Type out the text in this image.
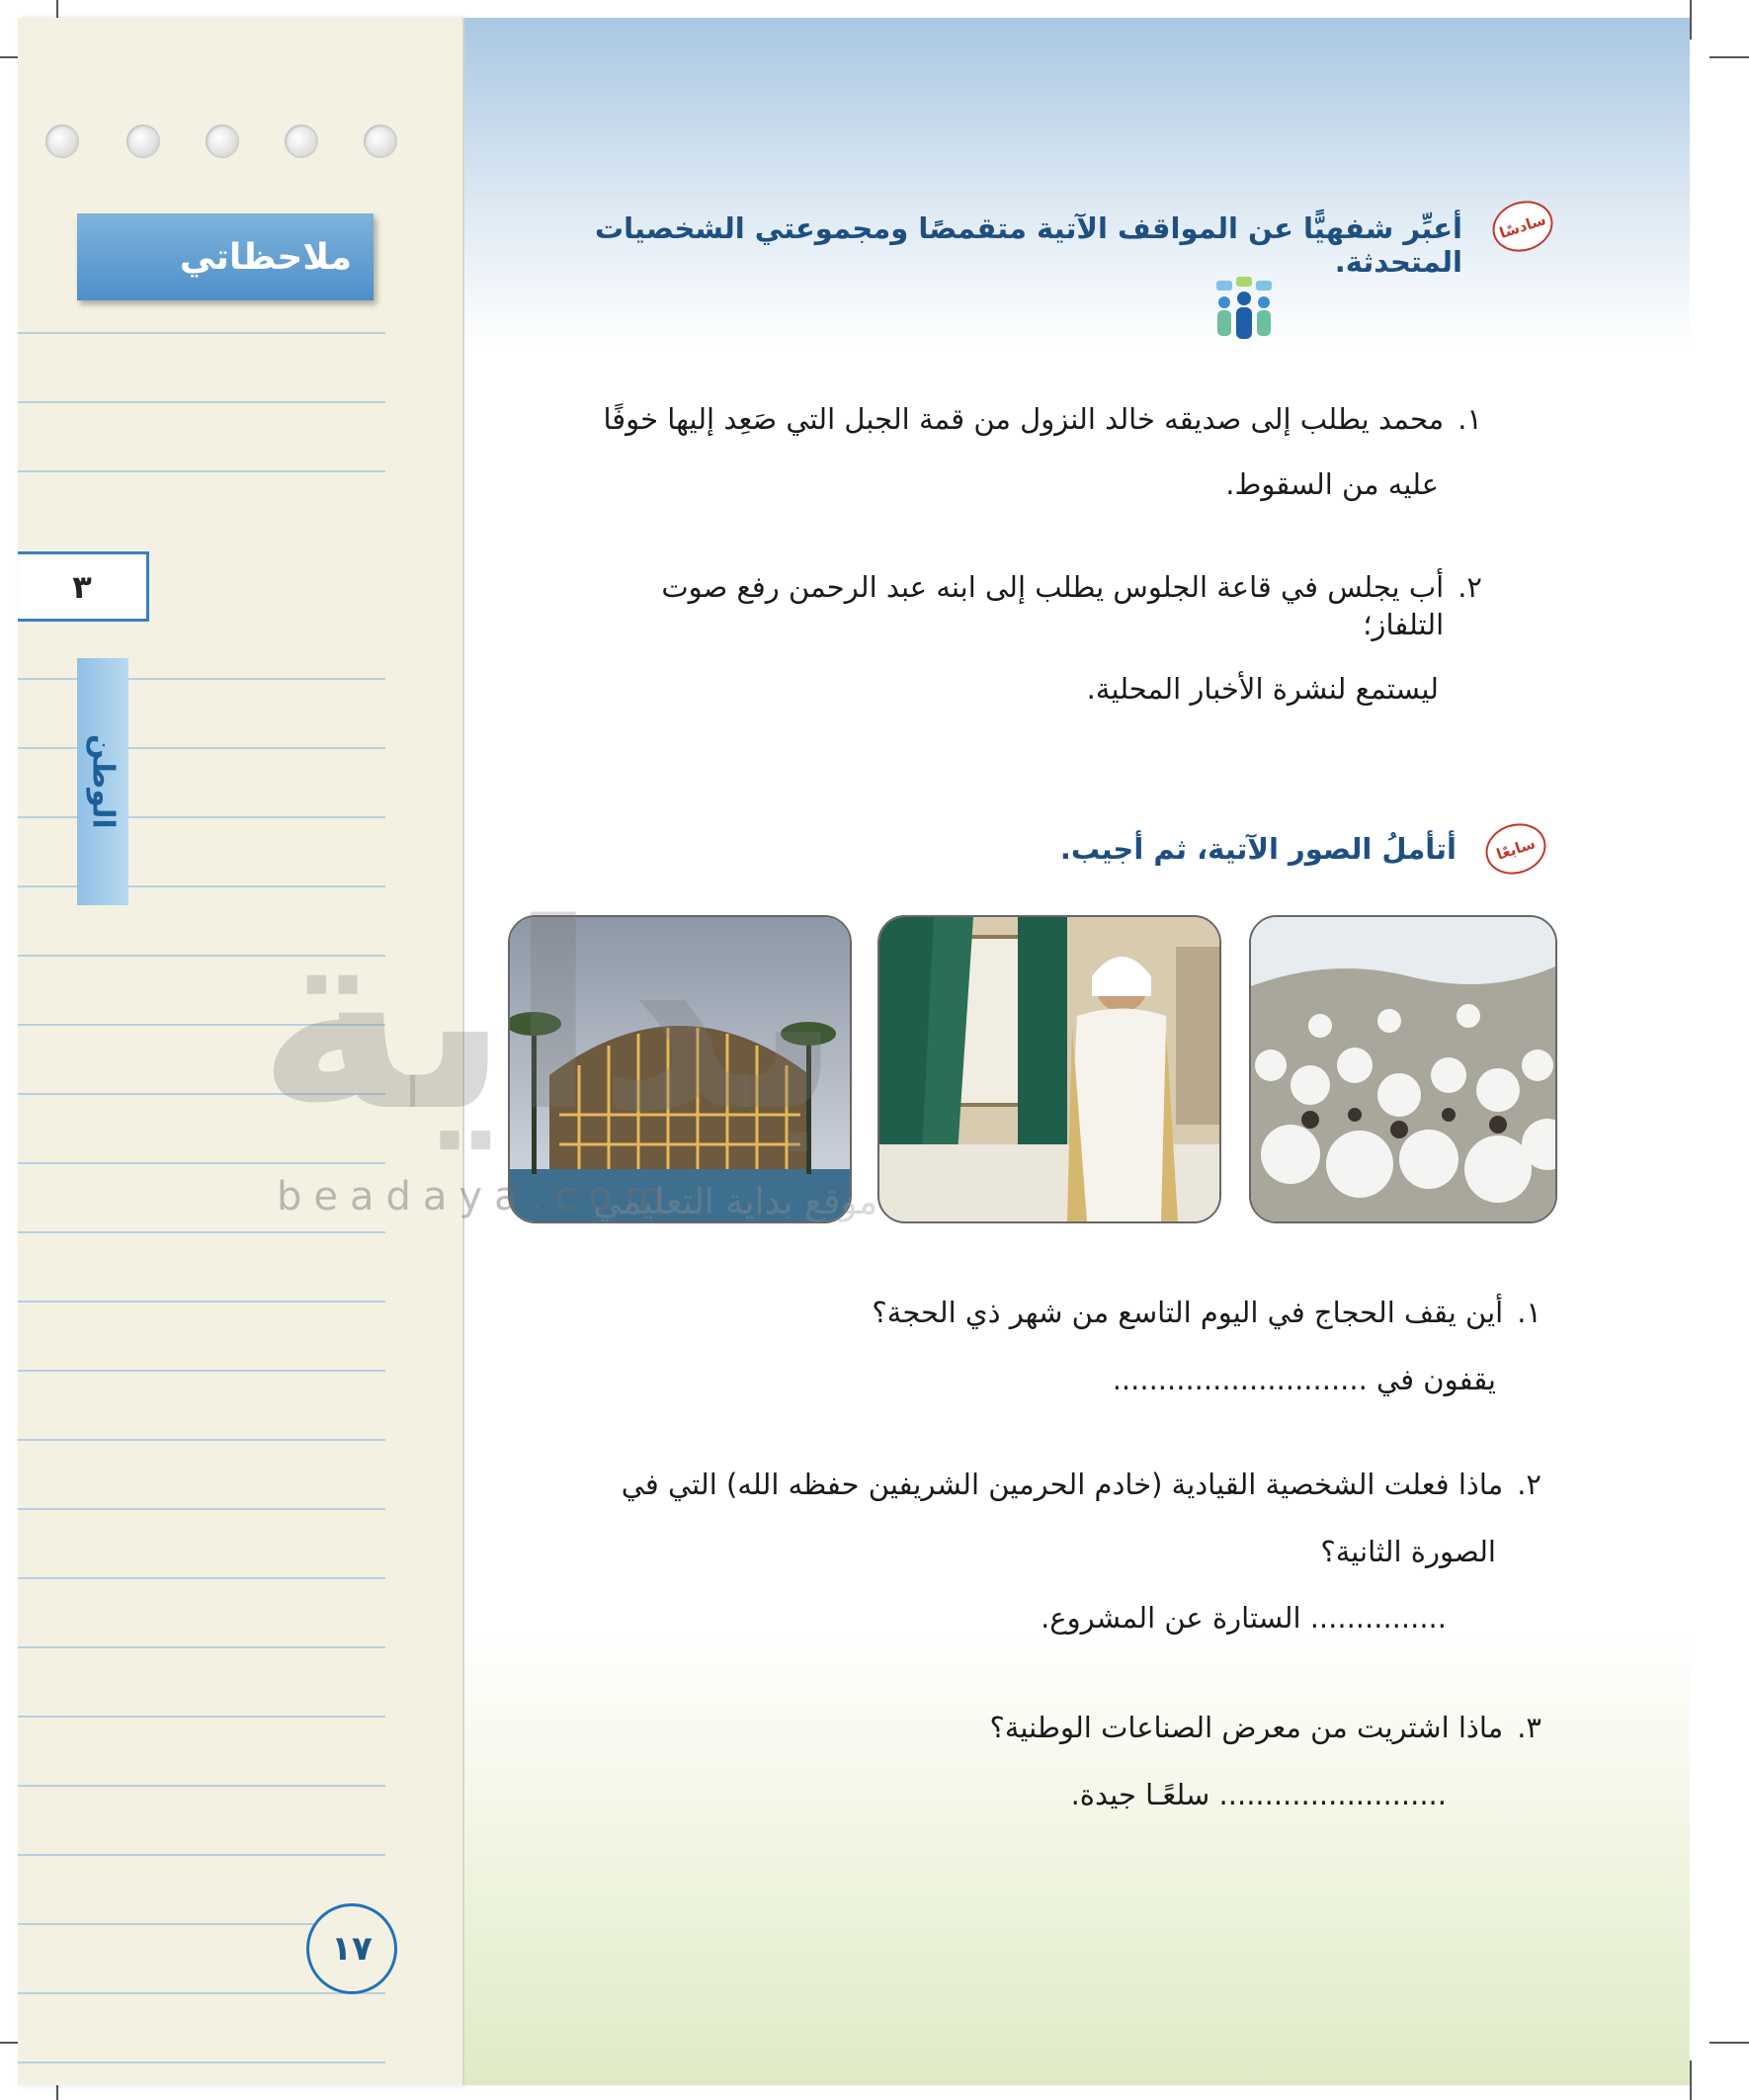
ملاحظاتي
٣
الوطن
١٧
سادسًا
أعبِّر شفهيًّا عن المواقف الآتية متقمصًا ومجموعتي الشخصيات المتحدثة.
١.
محمد يطلب إلى صديقه خالد النزول من قمة الجبل التي صَعِد إليها خوفًا
عليه من السقوط.
٢.
أب يجلس في قاعة الجلوس يطلب إلى ابنه عبد الرحمن رفع صوت التلفاز؛
ليستمع لنشرة الأخبار المحلية.
سابعًا
أتأملُ الصور الآتية، ثم أجيب.
١.
أين يقف الحجاج في اليوم التاسع من شهر ذي الحجة؟
يقفون في ............................
٢.
ماذا فعلت الشخصية القيادية (خادم الحرمين الشريفين حفظه الله) التي في
الصورة الثانية؟
............... الستارة عن المشروع.
٣.
ماذا اشتريت من معرض الصناعات الوطنية؟
......................... سلعًـا جيدة.
بداية
beadaya.com
موقع بداية التعليمي
